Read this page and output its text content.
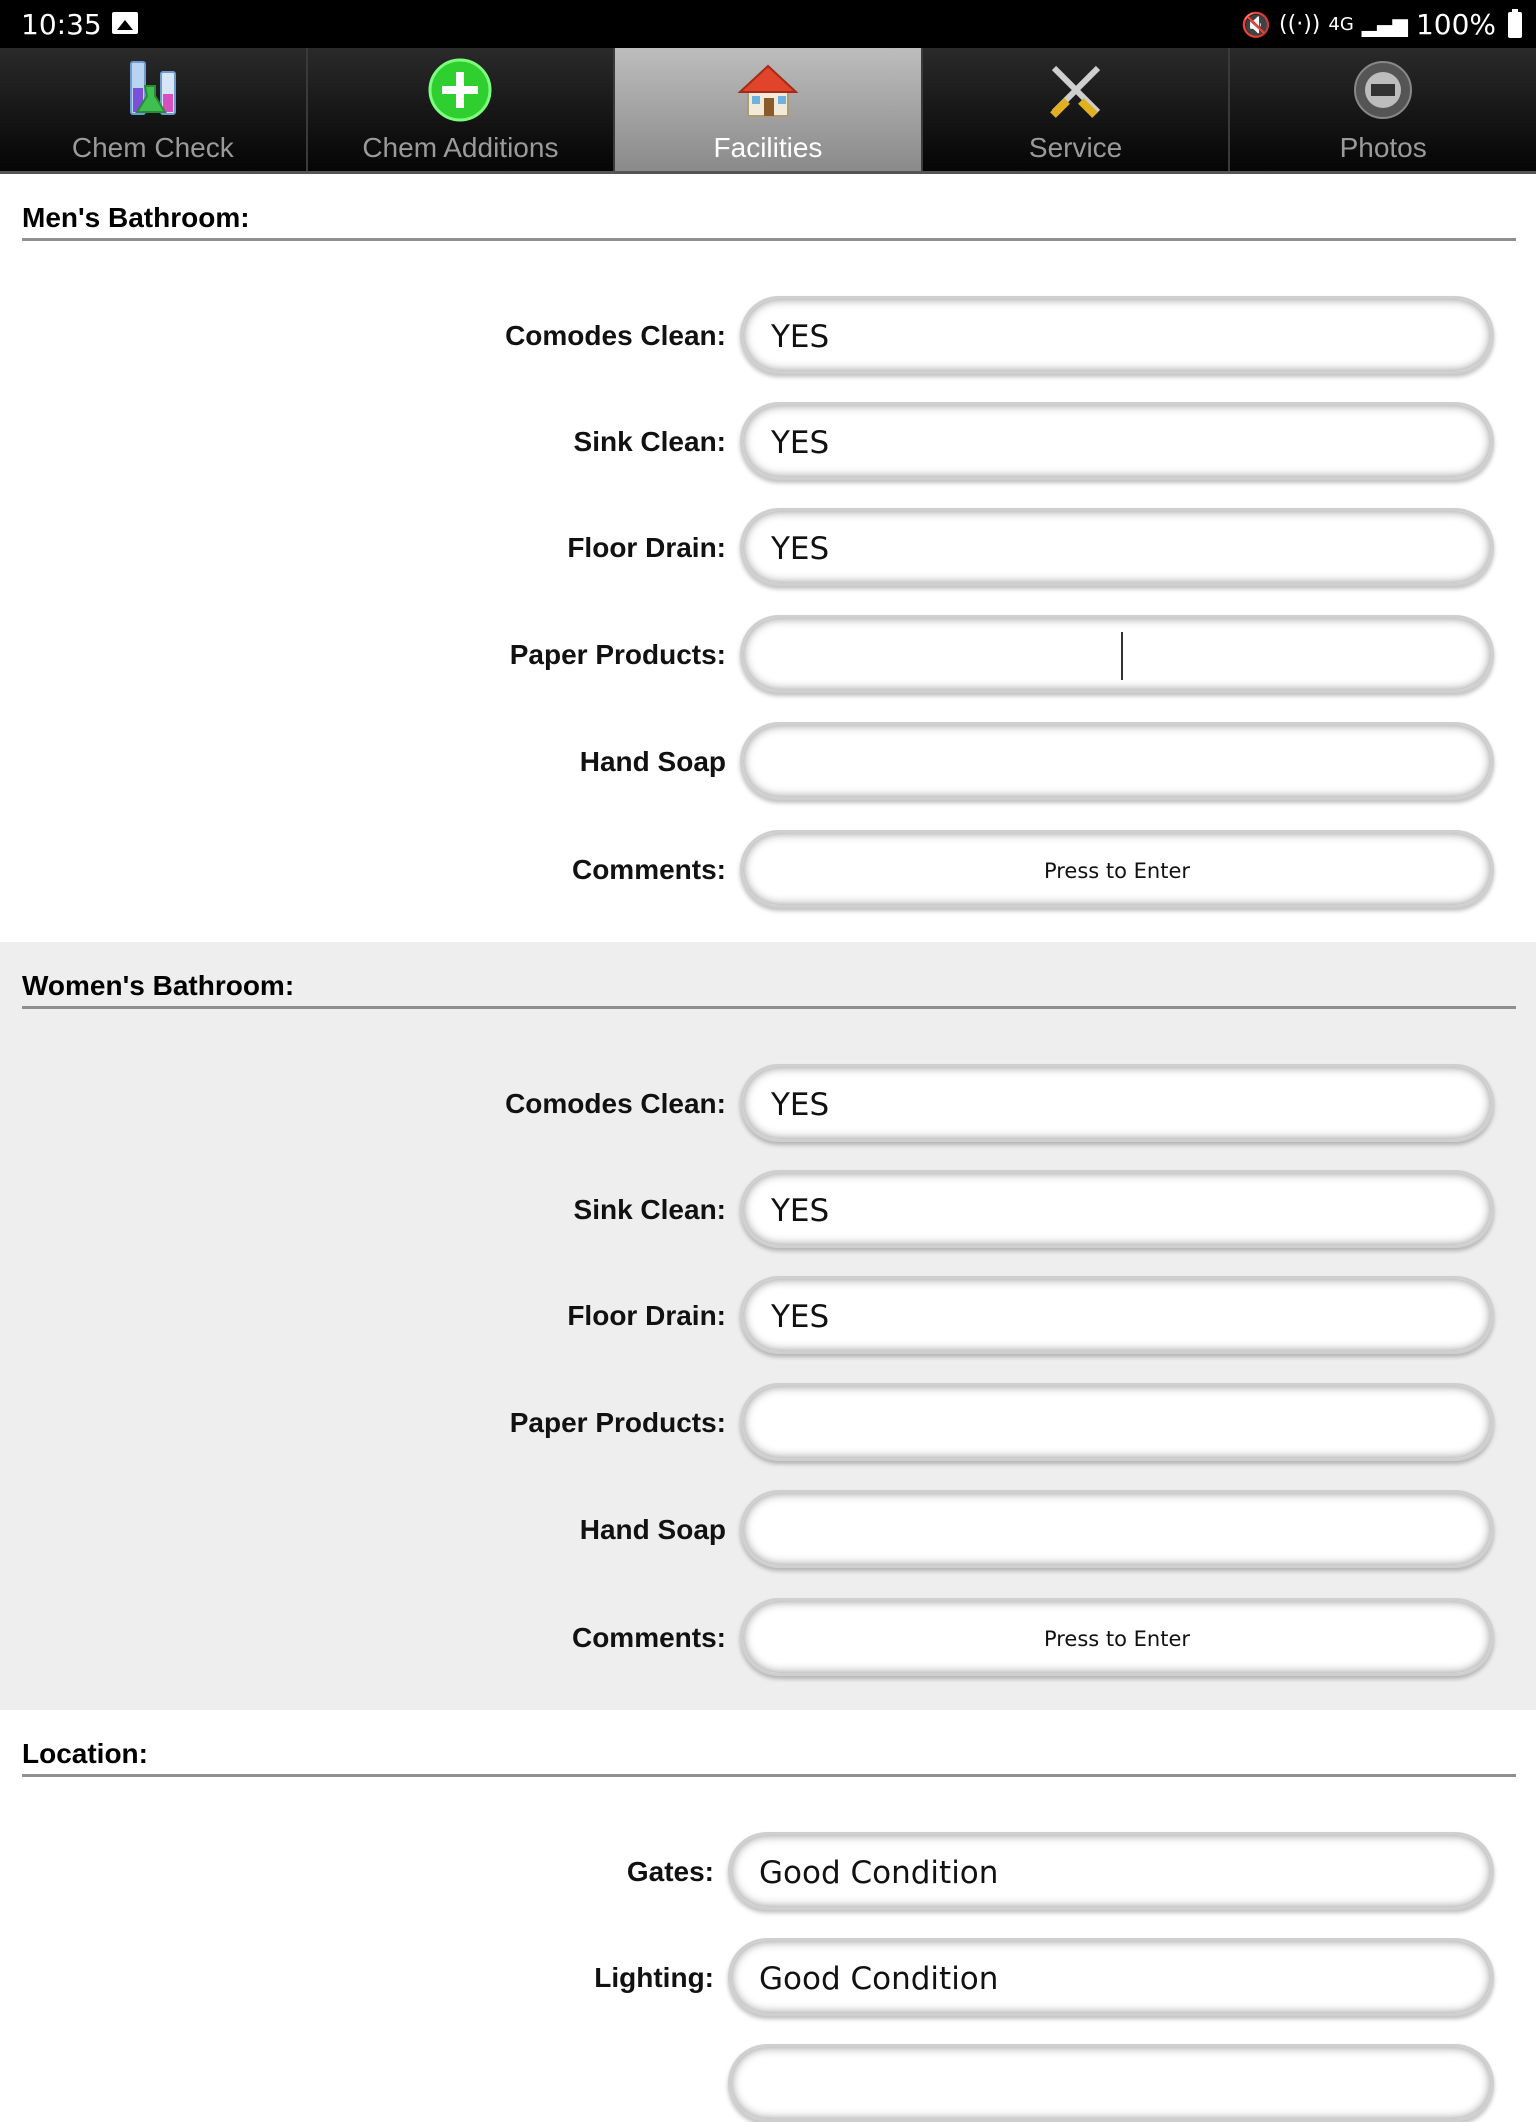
10:35	🔇 ((·)) 4G ▂▄▆ 100%
Chem Check	Chem Additions	Facilities	Service	Photos
Men's Bathroom:
Comodes Clean: YES
Sink Clean: YES
Floor Drain: YES
Paper Products:
Hand Soap
Comments:	Press to Enter
Women's Bathroom:
Comodes Clean: YES
Sink Clean: YES
Floor Drain: YES
Paper Products:
Hand Soap
Comments:	Press to Enter
Location:
Gates: Good Condition
Lighting: Good Condition
